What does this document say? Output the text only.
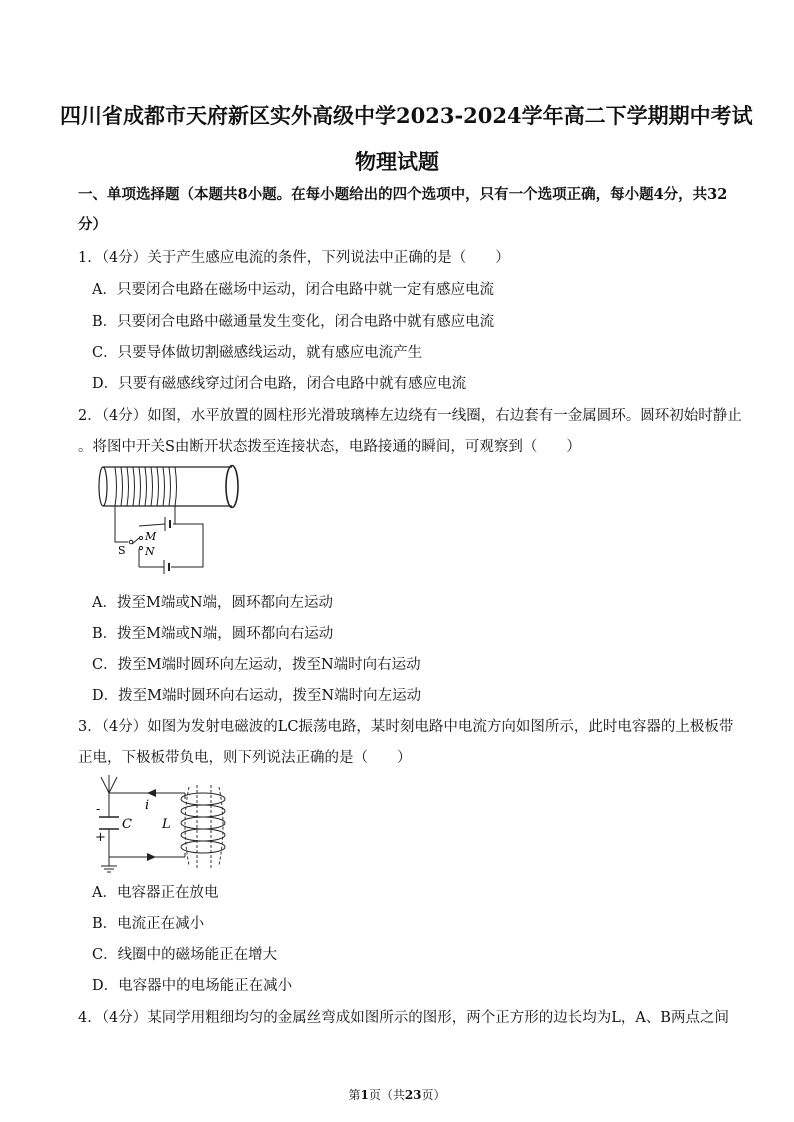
四川省成都市天府新区实外高级中学2023-2024学年高二下学期期中考试
物理试题
一、单项选择题（本题共8小题。在每小题给出的四个选项中，只有一个选项正确，每小题4分，共32分）
1．（4分）关于产生感应电流的条件，下列说法中正确的是（　　）
A．只要闭合电路在磁场中运动，闭合电路中就一定有感应电流
B．只要闭合电路中磁通量发生变化，闭合电路中就有感应电流
C．只要导体做切割磁感线运动，就有感应电流产生
D．只要有磁感线穿过闭合电路，闭合电路中就有感应电流
2．（4分）如图，水平放置的圆柱形光滑玻璃棒左边绕有一线圈，右边套有一金属圆环。圆环初始时静止
。将图中开关S由断开状态拨至连接状态，电路接通的瞬间，可观察到（　　）
S
M
N
A．拨至M端或N端，圆环都向左运动
B．拨至M端或N端，圆环都向右运动
C．拨至M端时圆环向左运动，拨至N端时向右运动
D．拨至M端时圆环向右运动，拨至N端时向左运动
3．（4分）如图为发射电磁波的LC振荡电路，某时刻电路中电流方向如图所示，此时电容器的上极板带
正电，下极板带负电，则下列说法正确的是（　　）
i
C L
-
+
A．电容器正在放电
B．电流正在减小
C．线圈中的磁场能正在增大
D．电容器中的电场能正在减小
4．（4分）某同学用粗细均匀的金属丝弯成如图所示的图形，两个正方形的边长均为L，A、B两点之间
第1页（共23页）
